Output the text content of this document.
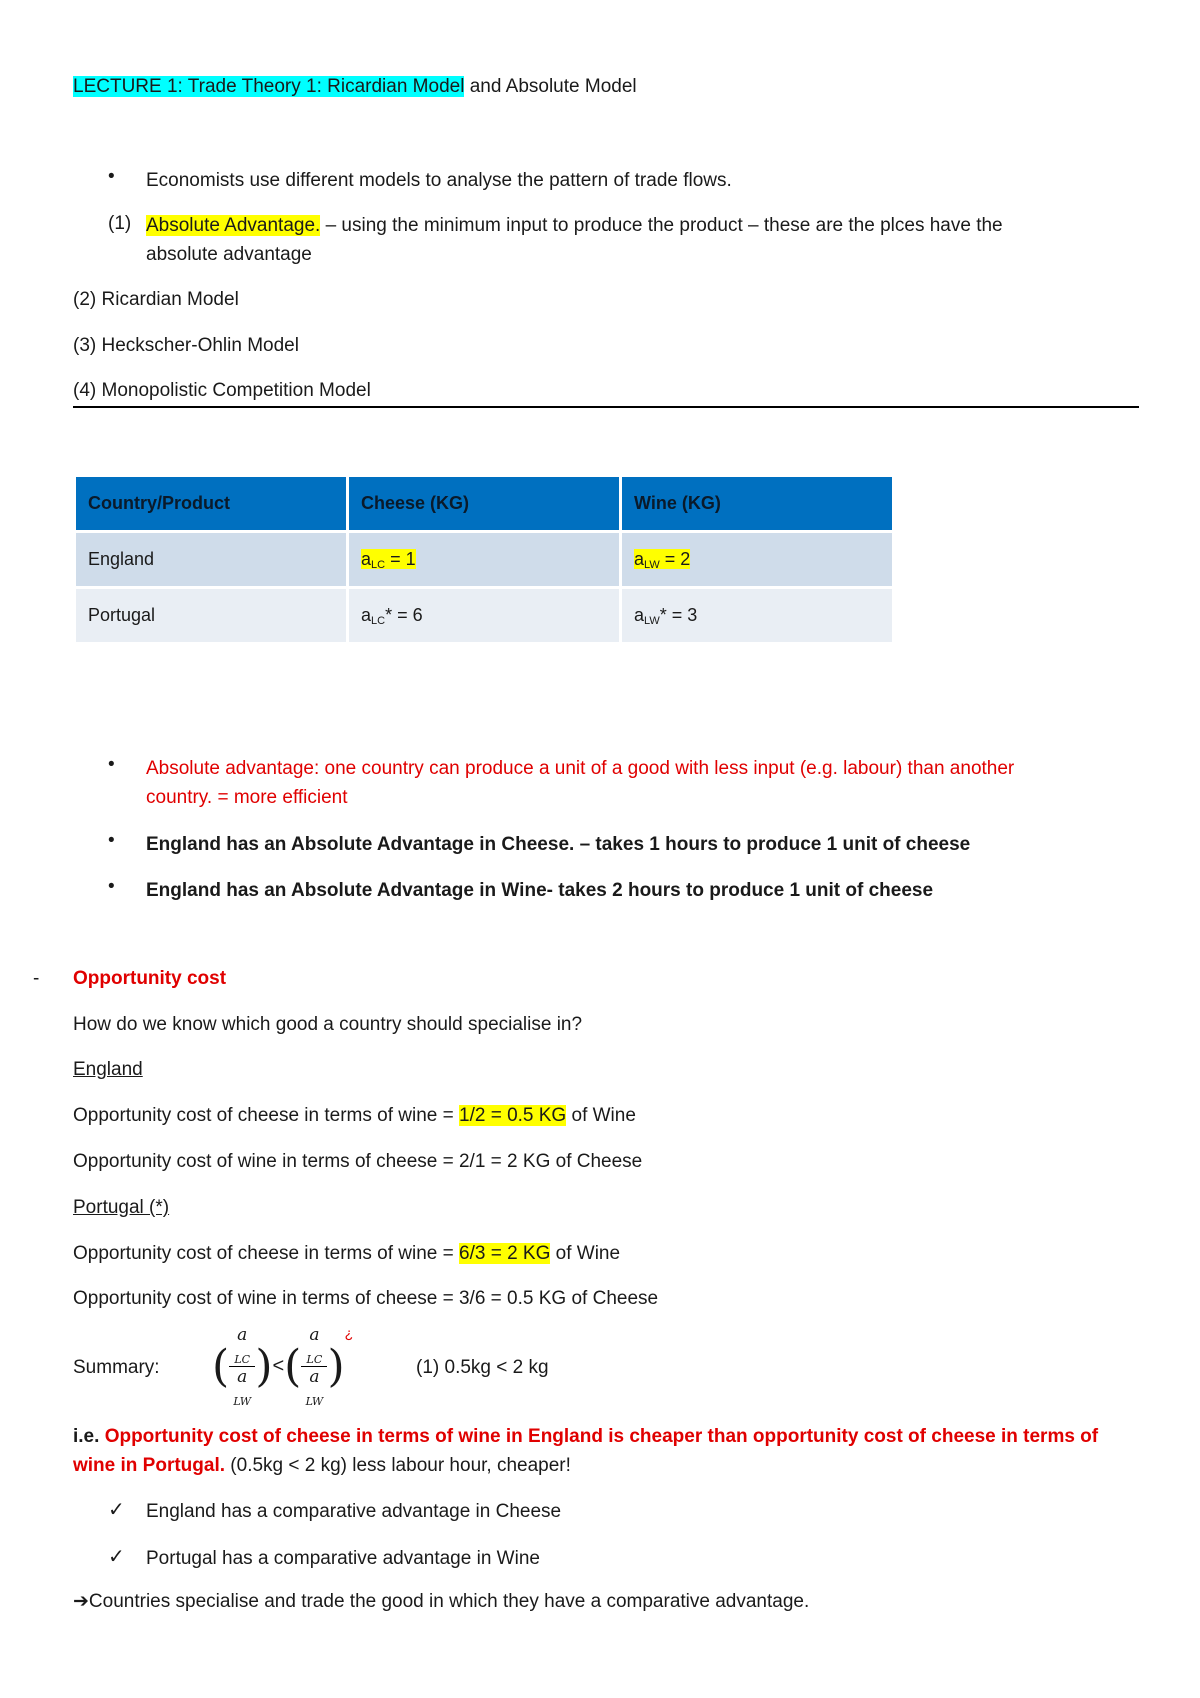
LECTURE 1: Trade Theory 1: Ricardian Model and Absolute Model
• Economists use different models to analyse the pattern of trade flows.
(1) Absolute Advantage. – using the minimum input to produce the product – these are the plces have the
absolute advantage
(2) Ricardian Model
(3) Heckscher-Ohlin Model
(4) Monopolistic Competition Model
Country/Product	Cheese (KG)	Wine (KG)
England	$a_{LC} = 1$	$a_{LW} = 2$
Portugal	$a_{LC}* = 6$	$a_{LW}* = 3$
• Absolute advantage: one country can produce a unit of a good with less input (e.g. labour) than another
country. = more efficient
• England has an Absolute Advantage in Cheese. – takes 1 hours to produce 1 unit of cheese
• England has an Absolute Advantage in Wine- takes 2 hours to produce 1 unit of cheese
- Opportunity cost
How do we know which good a country should specialise in?
England
Opportunity cost of cheese in terms of wine = 1/2 = 0.5 KG of Wine
Opportunity cost of wine in terms of cheese = 2/1 = 2 KG of Cheese
Portugal (*)
Opportunity cost of cheese in terms of wine = 6/3 = 2 KG of Wine
Opportunity cost of wine in terms of cheese = 3/6 = 0.5 KG of Cheese
Summary: ( a
$_{LC}$
a
$_{LW}$ )<( a
$_{LC}$
a
$_{LW}$ )¿
(1) 0.5kg < 2 kg
i.e. Opportunity cost of cheese in terms of wine in England is cheaper than opportunity cost of cheese in terms of
wine in Portugal. (0.5kg < 2 kg) less labour hour, cheaper!
✓ England has a comparative advantage in Cheese
✓ Portugal has a comparative advantage in Wine
➔Countries specialise and trade the good in which they have a comparative advantage.
